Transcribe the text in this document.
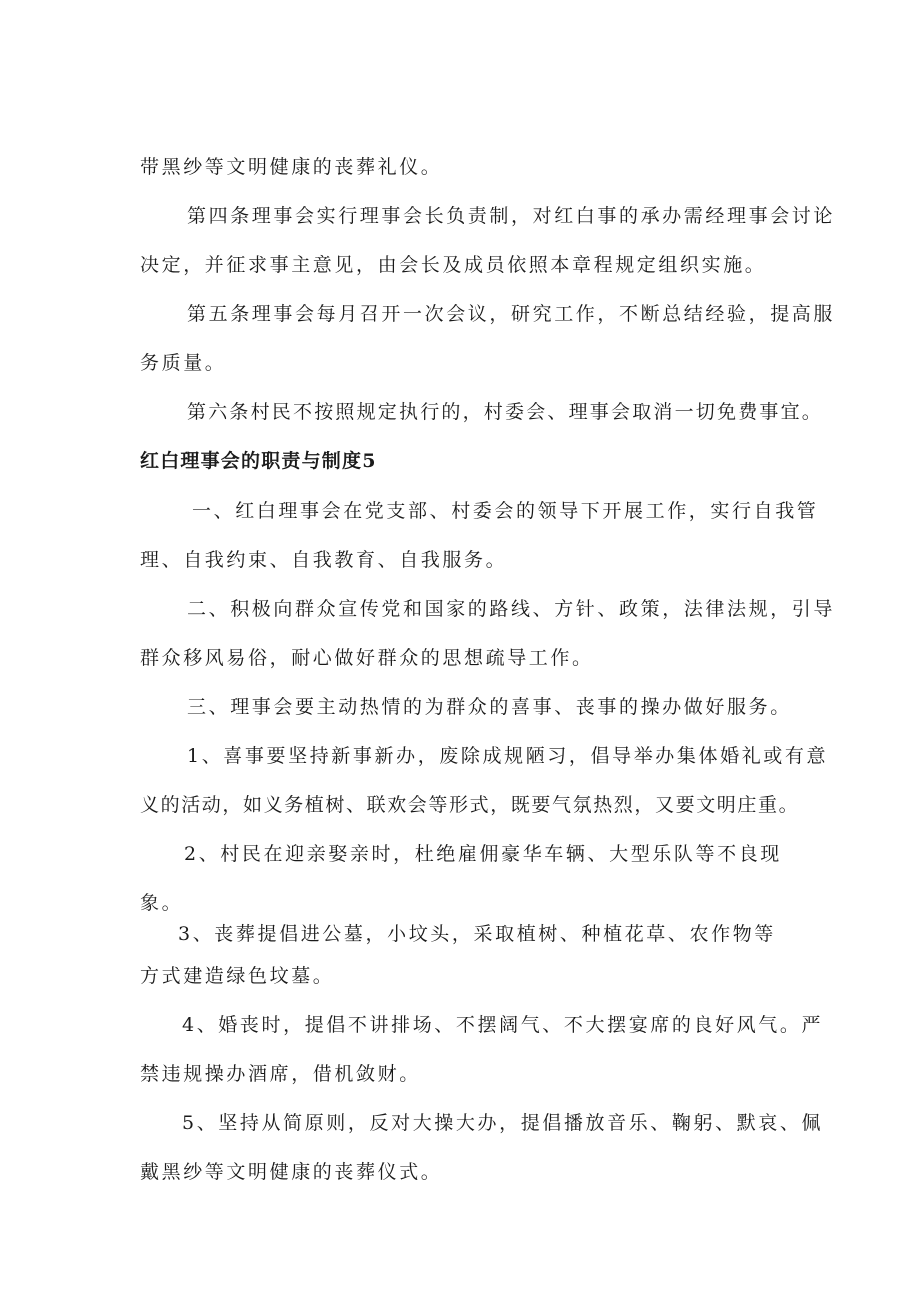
带黑纱等文明健康的丧葬礼仪。

第四条理事会实行理事会长负责制，对红白事的承办需经理事会讨论

决定，并征求事主意见，由会长及成员依照本章程规定组织实施。

第五条理事会每月召开一次会议，研究工作，不断总结经验，提高服

务质量。

第六条村民不按照规定执行的，村委会、理事会取消一切免费事宜。

红白理事会的职责与制度5

一、红白理事会在党支部、村委会的领导下开展工作，实行自我管

理、自我约束、自我教育、自我服务。

二、积极向群众宣传党和国家的路线、方针、政策，法律法规，引导

群众移风易俗，耐心做好群众的思想疏导工作。

三、理事会要主动热情的为群众的喜事、丧事的操办做好服务。

1、喜事要坚持新事新办，废除成规陋习，倡导举办集体婚礼或有意

义的活动，如义务植树、联欢会等形式，既要气氛热烈，又要文明庄重。

2、村民在迎亲娶亲时，杜绝雇佣豪华车辆、大型乐队等不良现

象。

3、丧葬提倡进公墓，小坟头，采取植树、种植花草、农作物等

方式建造绿色坟墓。

4、婚丧时，提倡不讲排场、不摆阔气、不大摆宴席的良好风气。严

禁违规操办酒席，借机敛财。

5、坚持从简原则，反对大操大办，提倡播放音乐、鞠躬、默哀、佩

戴黑纱等文明健康的丧葬仪式。
